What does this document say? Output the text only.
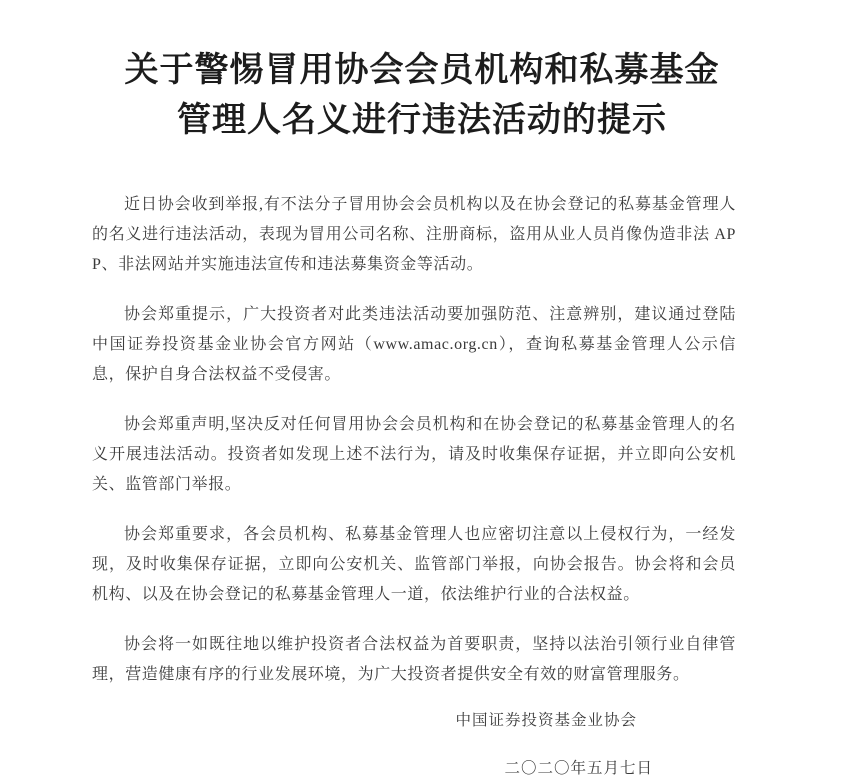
关于警惕冒用协会会员机构和私募基金
管理人名义进行违法活动的提示

近日协会收到举报,有不法分子冒用协会会员机构以及在协会登记的私募基金管理人的名义进行违法活动，表现为冒用公司名称、注册商标，盗用从业人员肖像伪造非法 APP、非法网站并实施违法宣传和违法募集资金等活动。

协会郑重提示，广大投资者对此类违法活动要加强防范、注意辨别，建议通过登陆中国证券投资基金业协会官方网站（www.amac.org.cn），查询私募基金管理人公示信息，保护自身合法权益不受侵害。

协会郑重声明,坚决反对任何冒用协会会员机构和在协会登记的私募基金管理人的名义开展违法活动。投资者如发现上述不法行为，请及时收集保存证据，并立即向公安机关、监管部门举报。

协会郑重要求，各会员机构、私募基金管理人也应密切注意以上侵权行为，一经发现，及时收集保存证据，立即向公安机关、监管部门举报，向协会报告。协会将和会员机构、以及在协会登记的私募基金管理人一道，依法维护行业的合法权益。

协会将一如既往地以维护投资者合法权益为首要职责，坚持以法治引领行业自律管理，营造健康有序的行业发展环境，为广大投资者提供安全有效的财富管理服务。

中国证券投资基金业协会
二〇二〇年五月七日
